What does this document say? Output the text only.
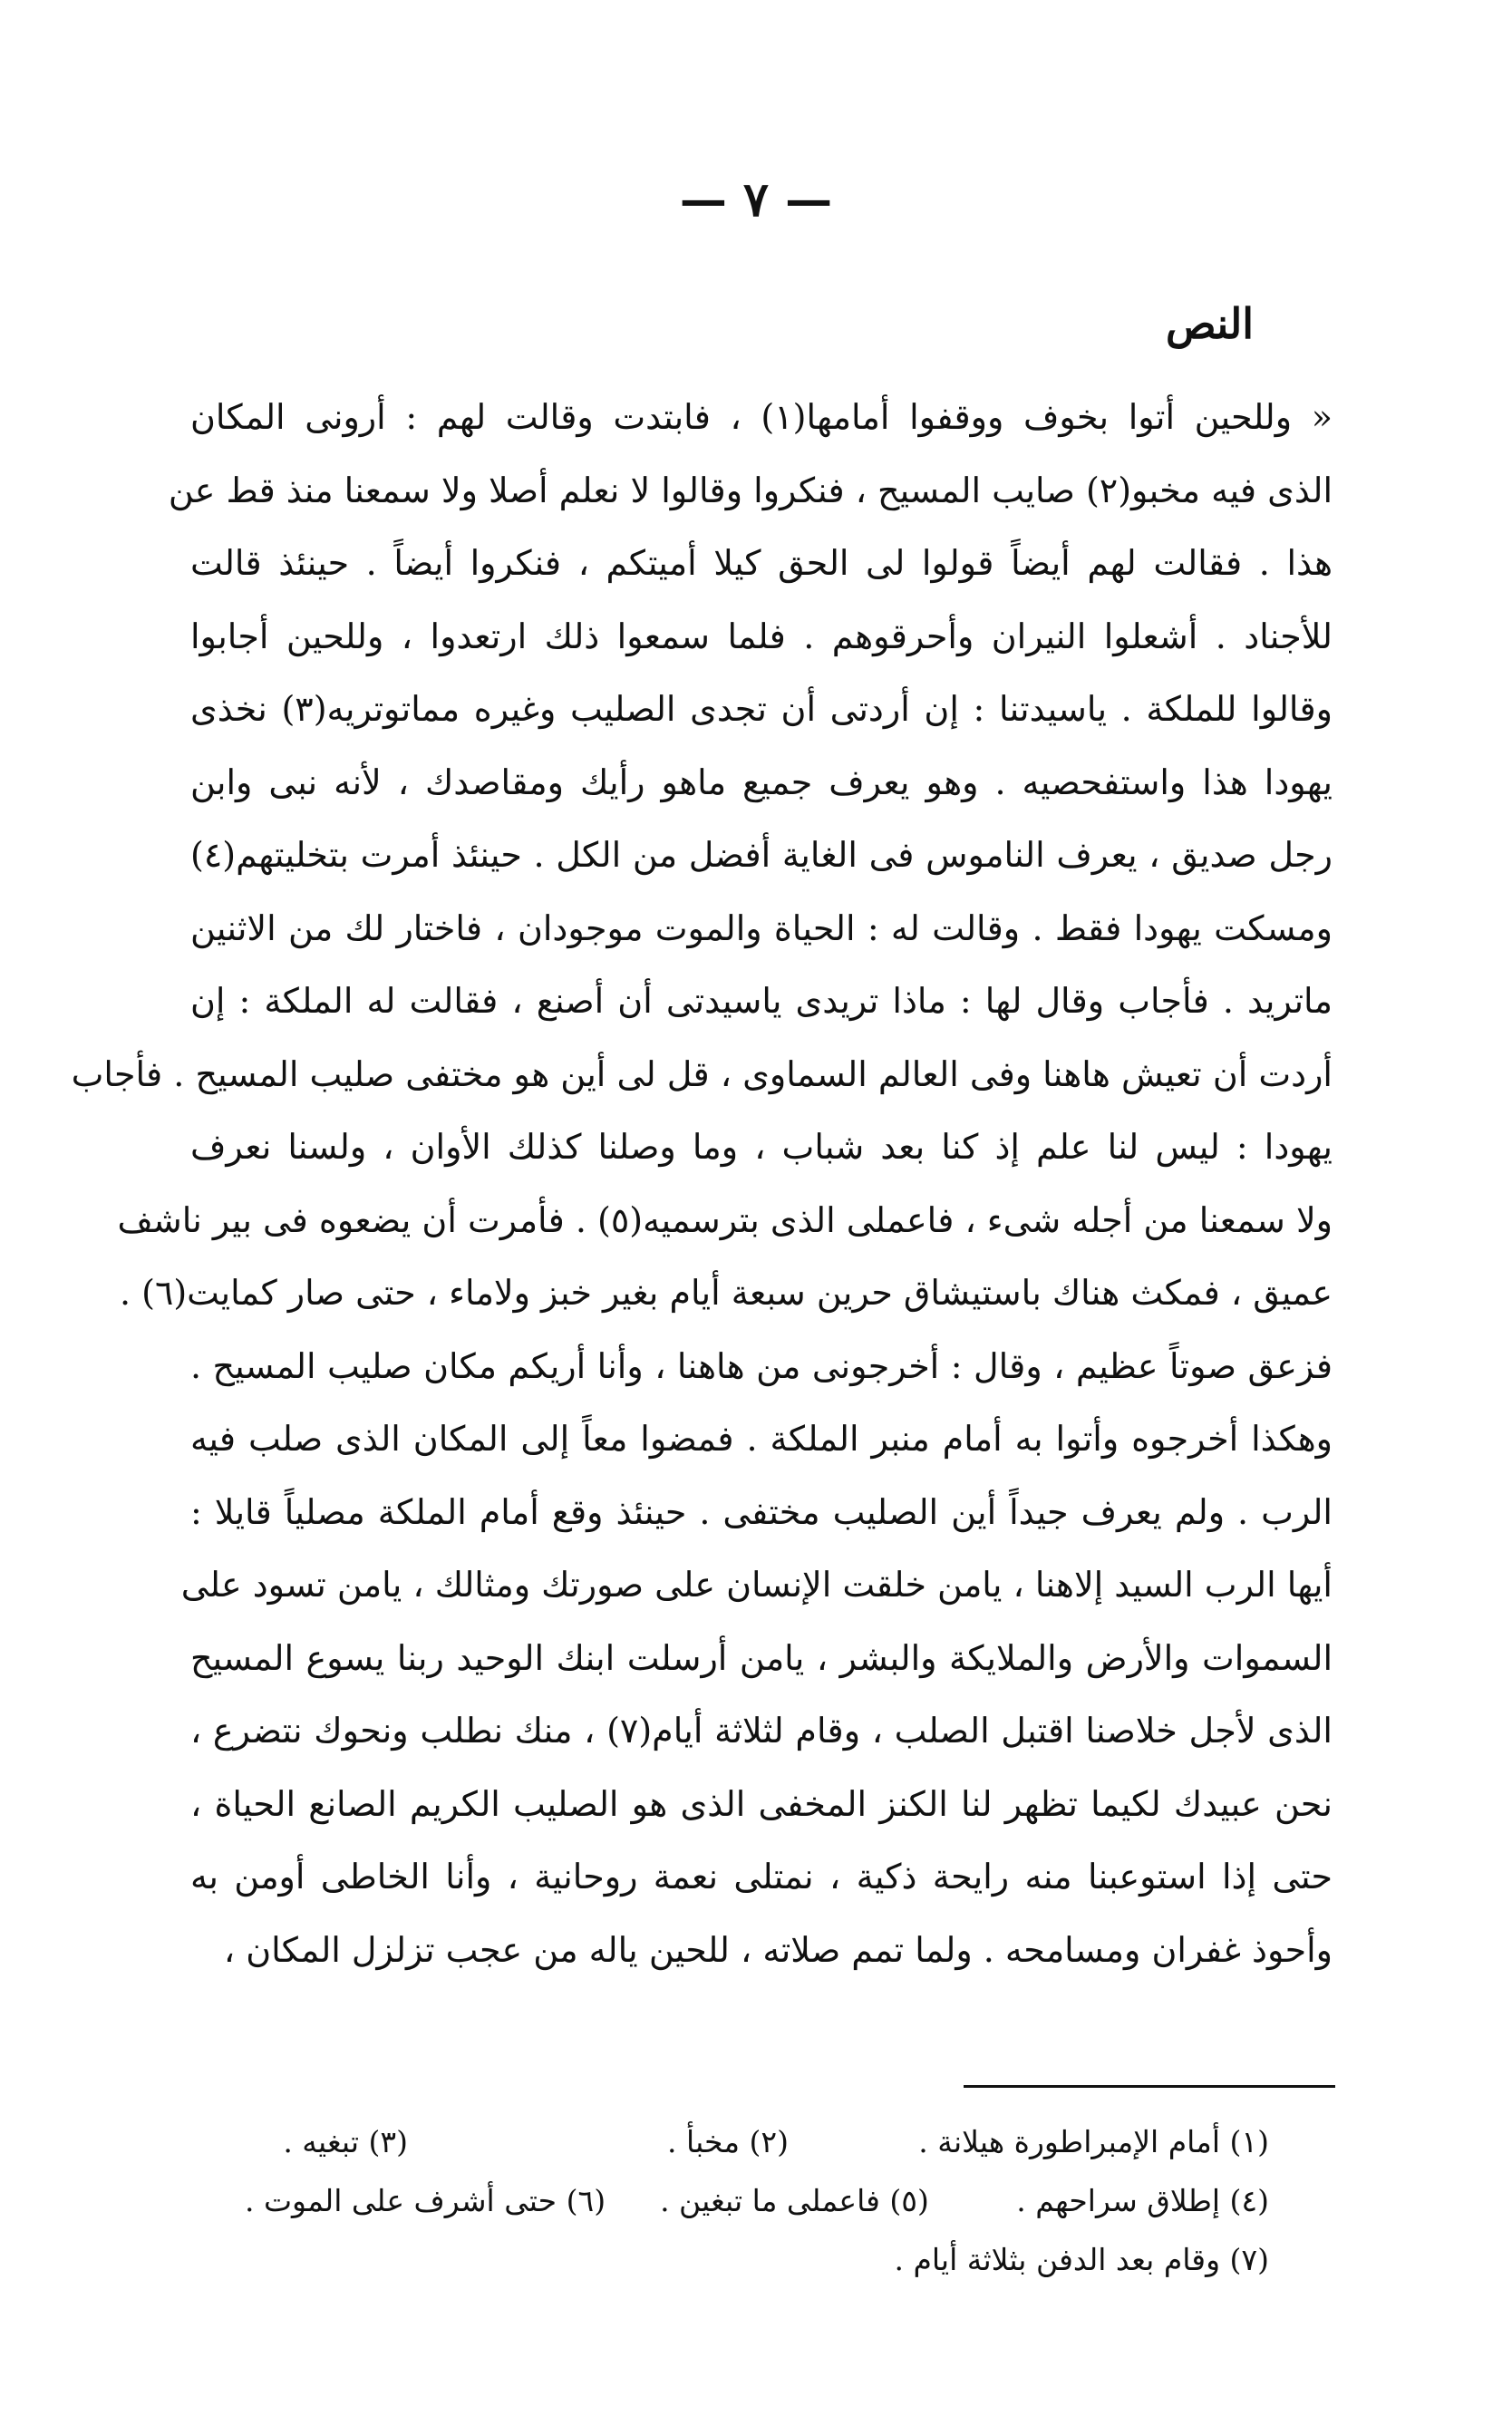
— ٧ —
النص
« وللحين أتوا بخوف ووقفوا أمامها(١) ، فابتدت وقالت لهم : أرونى المكان
الذى فيه مخبو(٢) صايب المسيح ، فنكروا وقالوا لا نعلم أصلا ولا سمعنا منذ قط عن
هذا . فقالت لهم أيضاً قولوا لى الحق كيلا أميتكم ، فنكروا أيضاً . حينئذ قالت
للأجناد . أشعلوا النيران وأحرقوهم . فلما سمعوا ذلك ارتعدوا ، وللحين أجابوا
وقالوا للملكة . ياسيدتنا : إن أردتى أن تجدى الصليب وغيره مماتوتريه(٣) نخذى
يهودا هذا واستفحصيه . وهو يعرف جميع ماهو رأيك ومقاصدك ، لأنه نبى وابن
رجل صديق ، يعرف الناموس فى الغاية أفضل من الكل . حينئذ أمرت بتخليتهم(٤)
ومسكت يهودا فقط . وقالت له : الحياة والموت موجودان ، فاختار لك من الاثنين
ماتريد . فأجاب وقال لها : ماذا تريدى ياسيدتى أن أصنع ، فقالت له الملكة : إن
أردت أن تعيش هاهنا وفى العالم السماوى ، قل لى أين هو مختفى صليب المسيح . فأجاب
يهودا : ليس لنا علم إذ كنا بعد شباب ، وما وصلنا كذلك الأوان ، ولسنا نعرف
ولا سمعنا من أجله شىء ، فاعملى الذى بترسميه(٥) . فأمرت أن يضعوه فى بير ناشف
عميق ، فمكث هناك باستيشاق حرين سبعة أيام بغير خبز ولاماء ، حتى صار كمايت(٦) .
فزعق صوتاً عظيم ، وقال : أخرجونى من هاهنا ، وأنا أريكم مكان صليب المسيح .
وهكذا أخرجوه وأتوا به أمام منبر الملكة . فمضوا معاً إلى المكان الذى صلب فيه
الرب . ولم يعرف جيداً أين الصليب مختفى . حينئذ وقع أمام الملكة مصلياً قايلا :
أيها الرب السيد إلاهنا ، يامن خلقت الإنسان على صورتك ومثالك ، يامن تسود على
السموات والأرض والملايكة والبشر ، يامن أرسلت ابنك الوحيد ربنا يسوع المسيح
الذى لأجل خلاصنا اقتبل الصلب ، وقام لثلاثة أيام(٧) ، منك نطلب ونحوك نتضرع ،
نحن عبيدك لكيما تظهر لنا الكنز المخفى الذى هو الصليب الكريم الصانع الحياة ،
حتى إذا استوعبنا منه رايحة ذكية ، نمتلى نعمة روحانية ، وأنا الخاطى أومن به
وأحوذ غفران ومسامحه . ولما تمم صلاته ، للحين ياله من عجب تزلزل المكان ،
(١) أمام الإمبراطورة هيلانة .
(٢) مخبأ .
(٣) تبغيه .
(٤) إطلاق سراحهم .
(٥) فاعملى ما تبغين .
(٦) حتى أشرف على الموت .
(٧) وقام بعد الدفن بثلاثة أيام .
